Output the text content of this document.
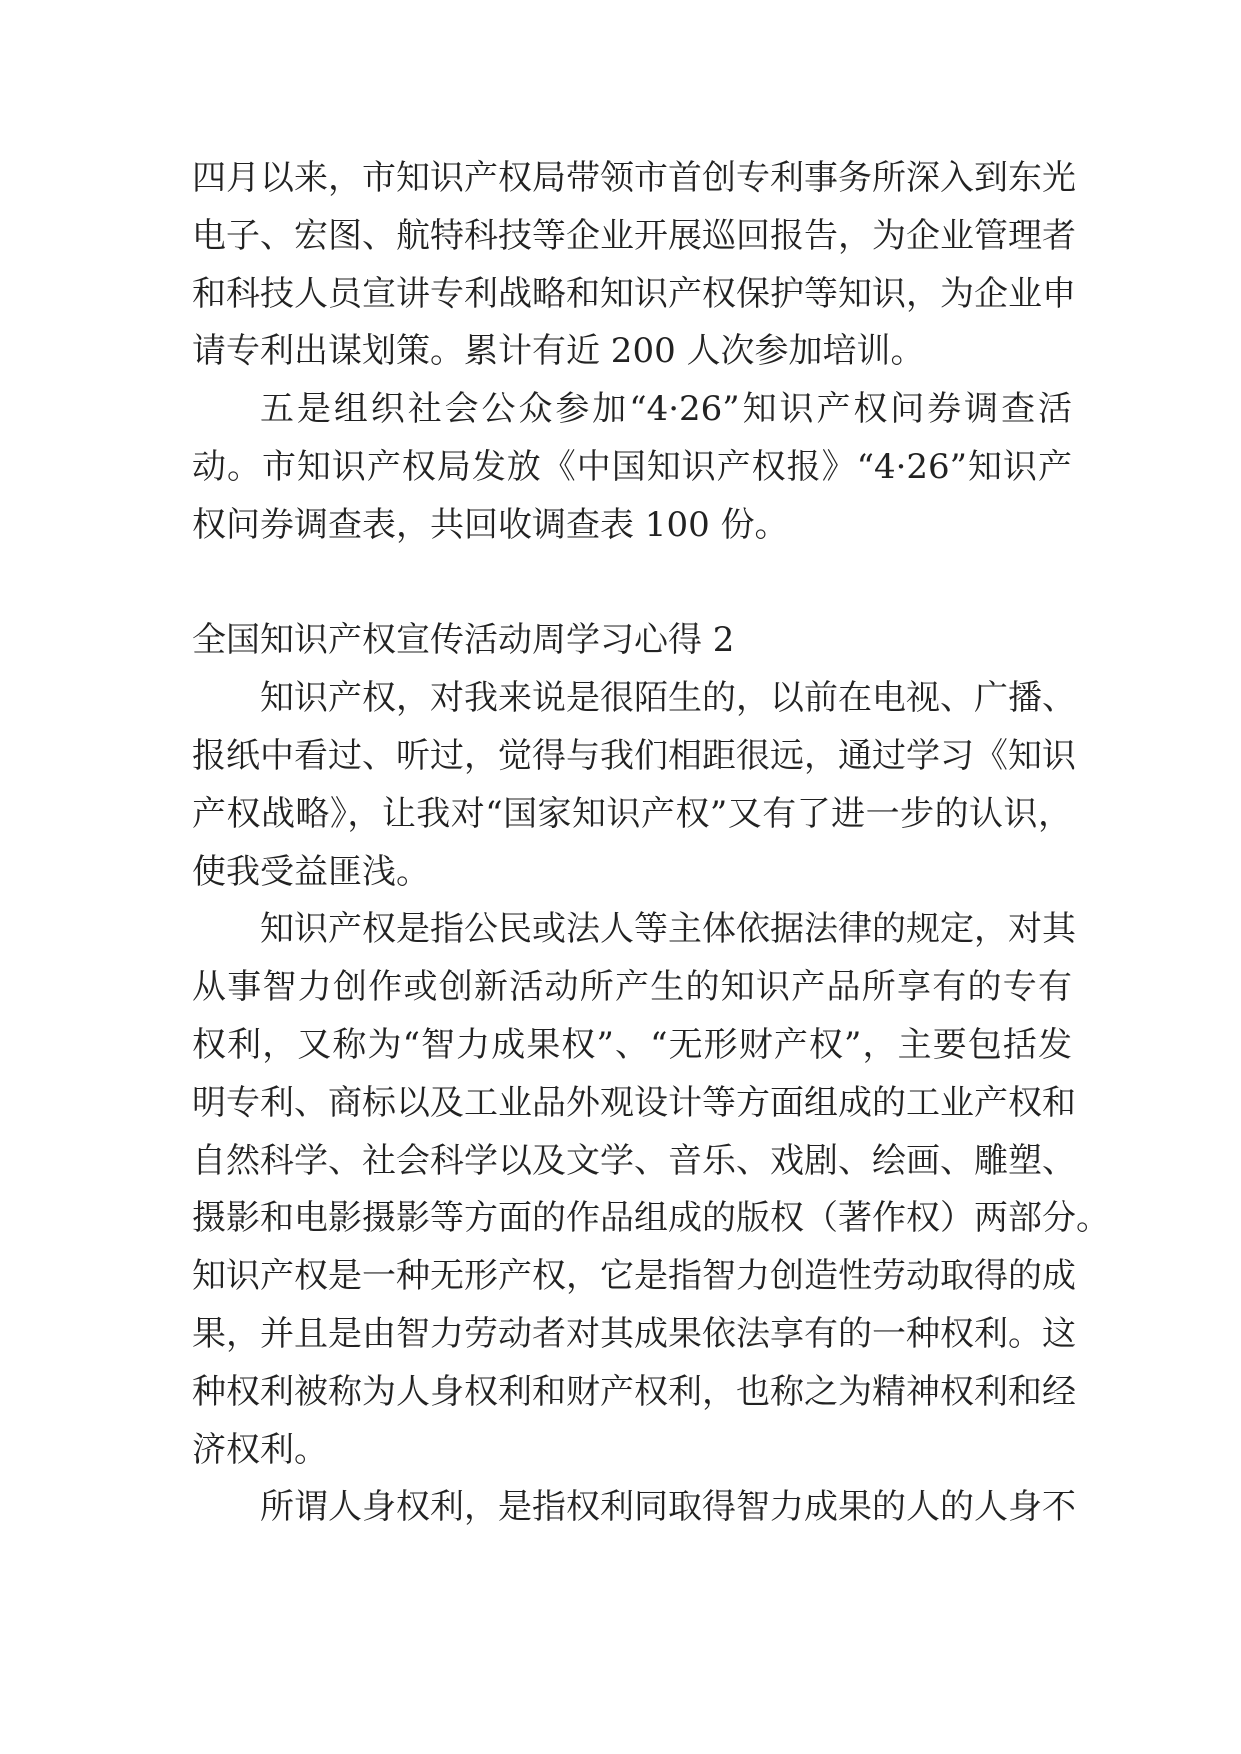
四月以来，市知识产权局带领市首创专利事务所深入到东光
电子、宏图、航特科技等企业开展巡回报告，为企业管理者
和科技人员宣讲专利战略和知识产权保护等知识，为企业申
请专利出谋划策。累计有近 200 人次参加培训。
五是组织社会公众参加“4·26”知识产权问券调查活
动。市知识产权局发放《中国知识产权报》“4·26”知识产
权问券调查表，共回收调查表 100 份。
全国知识产权宣传活动周学习心得 2
知识产权，对我来说是很陌生的，以前在电视、广播、
报纸中看过、听过，觉得与我们相距很远，通过学习《知识
产权战略》，让我对“国家知识产权”又有了进一步的认识，
使我受益匪浅。
知识产权是指公民或法人等主体依据法律的规定，对其
从事智力创作或创新活动所产生的知识产品所享有的专有
权利，又称为“智力成果权”、“无形财产权”，主要包括发
明专利、商标以及工业品外观设计等方面组成的工业产权和
自然科学、社会科学以及文学、音乐、戏剧、绘画、雕塑、
摄影和电影摄影等方面的作品组成的版权（著作权）两部分。
知识产权是一种无形产权，它是指智力创造性劳动取得的成
果，并且是由智力劳动者对其成果依法享有的一种权利。这
种权利被称为人身权利和财产权利，也称之为精神权利和经
济权利。
所谓人身权利，是指权利同取得智力成果的人的人身不
